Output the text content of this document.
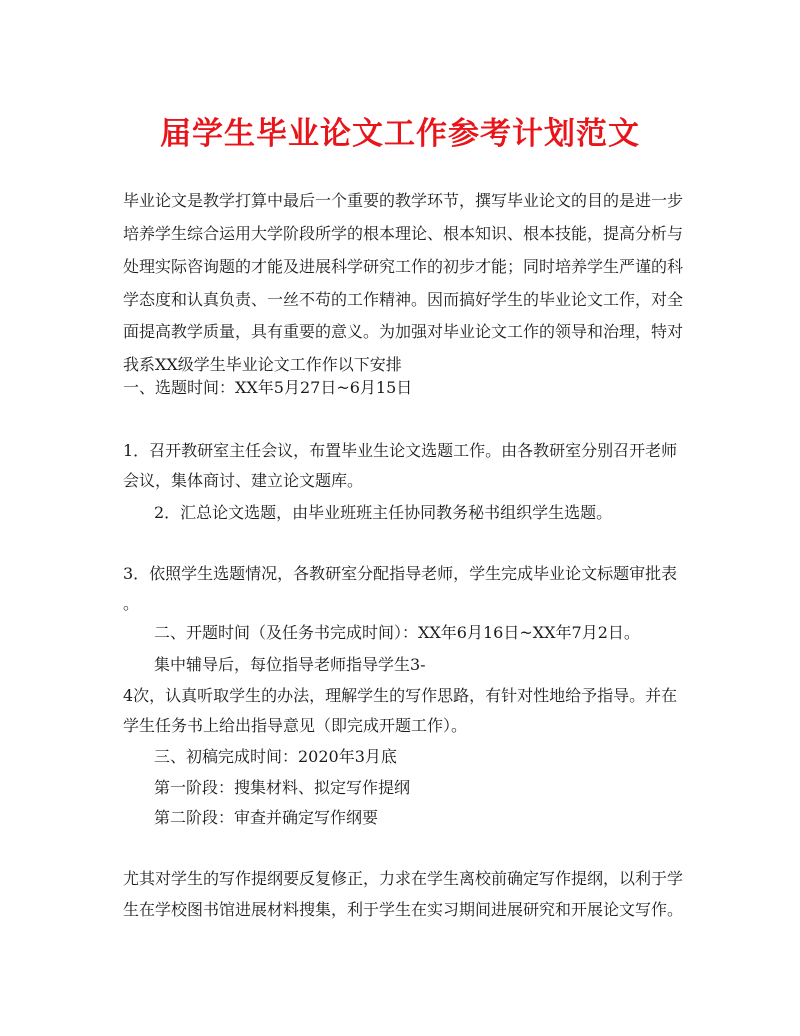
届学生毕业论文工作参考计划范文

毕业论文是教学打算中最后一个重要的教学环节，撰写毕业论文的目的是进一步

培养学生综合运用大学阶段所学的根本理论、根本知识、根本技能，提高分析与

处理实际咨询题的才能及进展科学研究工作的初步才能；同时培养学生严谨的科

学态度和认真负责、一丝不苟的工作精神。因而搞好学生的毕业论文工作，对全

面提高教学质量，具有重要的意义。为加强对毕业论文工作的领导和治理，特对

我系XX级学生毕业论文工作作以下安排

一、选题时间：XX年5月27日~6月15日

1．召开教研室主任会议，布置毕业生论文选题工作。由各教研室分别召开老师

会议，集体商讨、建立论文题库。

2．汇总论文选题，由毕业班班主任协同教务秘书组织学生选题。

3．依照学生选题情况，各教研室分配指导老师，学生完成毕业论文标题审批表

。

二、开题时间（及任务书完成时间）：XX年6月16日~XX年7月2日。

集中辅导后，每位指导老师指导学生3-

4次，认真听取学生的办法，理解学生的写作思路，有针对性地给予指导。并在

学生任务书上给出指导意见（即完成开题工作）。

三、初稿完成时间：2020年3月底

第一阶段：搜集材料、拟定写作提纲

第二阶段：审查并确定写作纲要

尤其对学生的写作提纲要反复修正，力求在学生离校前确定写作提纲，以利于学

生在学校图书馆进展材料搜集，利于学生在实习期间进展研究和开展论文写作。
